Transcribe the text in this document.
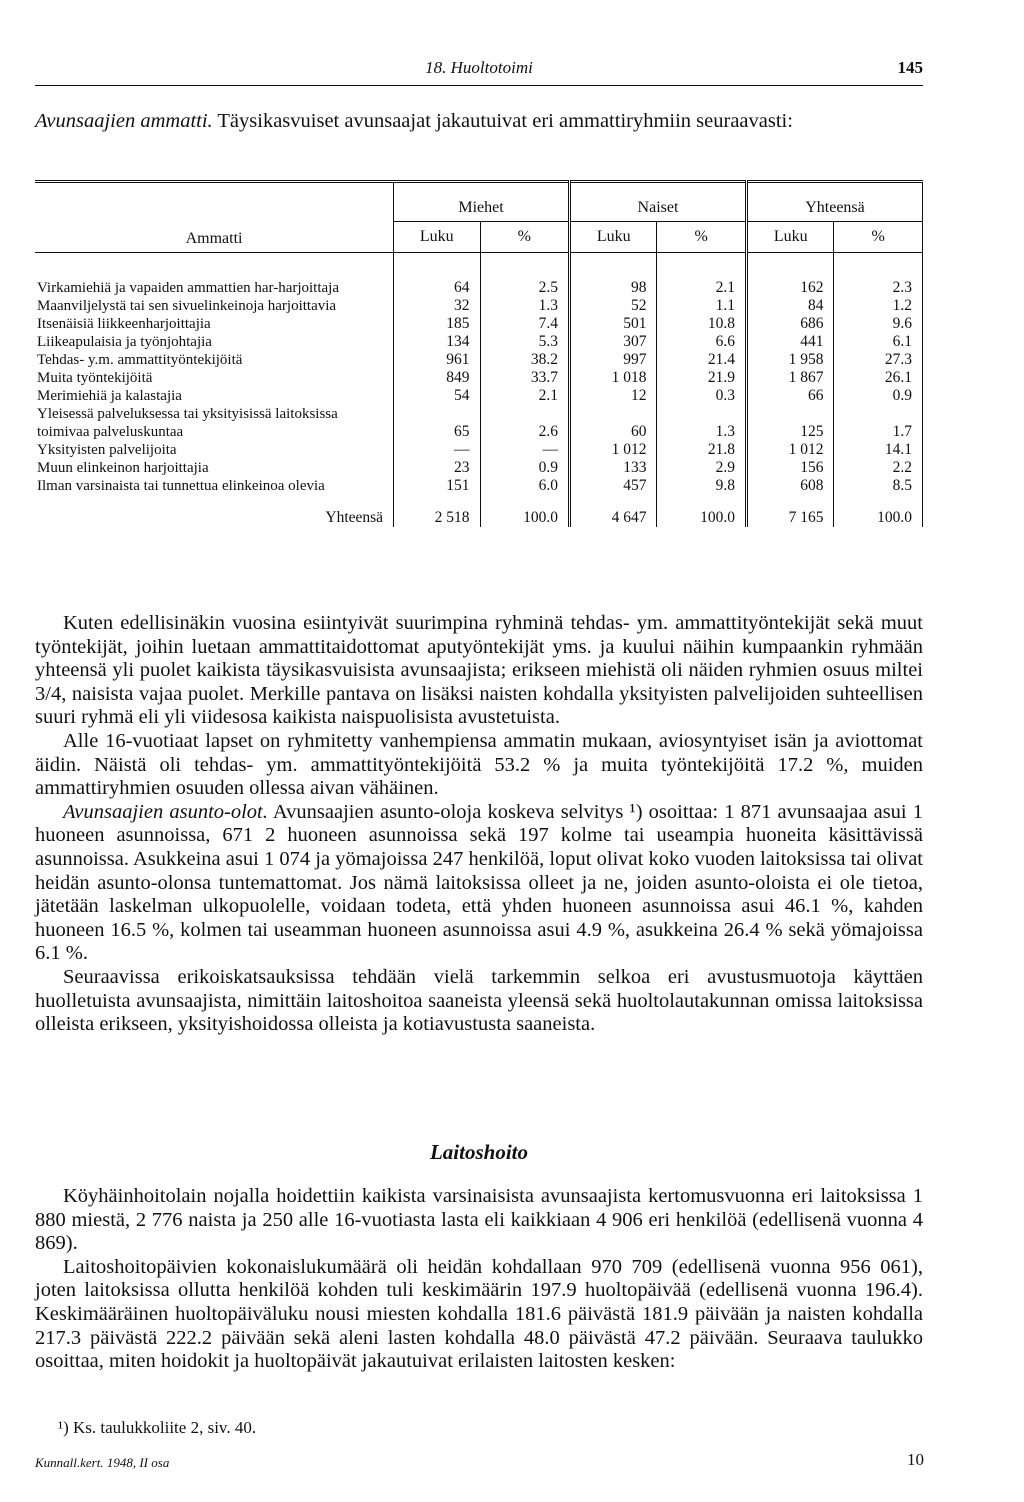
18. Huoltotoimi	145
Avunsaajien ammatti. Täysikasvuiset avunsaajat jakautuivat eri ammattiryhmiin seuraavasti:
Ammatti	Miehet		Naiset		Yhteensä	
	Luku	%	Luku	%	Luku	%

Virkamiehiä ja vapaiden ammattien har-harjoittaja	64	2.5	98	2.1	162	2.3
Maanviljelystä tai sen sivuelinkeinoja harjoittavia	32	1.3	52	1.1	84	1.2
Itsenäisiä liikkeenharjoittajia	185	7.4	501	10.8	686	9.6
Liikeapulaisia ja työnjohtajia	134	5.3	307	6.6	441	6.1
Tehdas- y.m. ammattityöntekijöitä	961	38.2	997	21.4	1 958	27.3
Muita työntekijöitä	849	33.7	1 018	21.9	1 867	26.1
Merimiehiä ja kalastajia	54	2.1	12	0.3	66	0.9
Yleisessä palveluksessa tai yksityisissä laitoksissa toimivaa palveluskuntaa	65	2.6	60	1.3	125	1.7
Yksityisten palvelijoita	—	—	1 012	21.8	1 012	14.1
Muun elinkeinon harjoittajia	23	0.9	133	2.9	156	2.2
Ilman varsinaista tai tunnettua elinkeinoa olevia	151	6.0	457	9.8	608	8.5
Yhteensä	2 518	100.0	4 647	100.0	7 165	100.0

Kuten edellisinäkin vuosina esiintyivät suurimpina ryhminä tehdas- ym. ammattityöntekijät sekä muut työntekijät, joihin luetaan ammattitaidottomat aputyöntekijät yms. ja kuului näihin kumpaankin ryhmään yhteensä yli puolet kaikista täysikasvuisista avunsaajista; erikseen miehistä oli näiden ryhmien osuus miltei 3/4, naisista vajaa puolet. Merkille pantava on lisäksi naisten kohdalla yksityisten palvelijoiden suhteellisen suuri ryhmä eli yli viidesosa kaikista naispuolisista avustetuista.

Alle 16-vuotiaat lapset on ryhmitetty vanhempiensa ammatin mukaan, aviosyntyiset isän ja aviottomat äidin. Näistä oli tehdas- ym. ammattityöntekijöitä 53.2 % ja muita työntekijöitä 17.2 %, muiden ammattiryhmien osuuden ollessa aivan vähäinen.

Avunsaajien asunto-olot. Avunsaajien asunto-oloja koskeva selvitys ¹) osoittaa: 1 871 avunsaajaa asui 1 huoneen asunnoissa, 671 2 huoneen asunnoissa sekä 197 kolme tai useampia huoneita käsittävissä asunnoissa. Asukkeina asui 1 074 ja yömajoissa 247 henkilöä, loput olivat koko vuoden laitoksissa tai olivat heidän asunto-olonsa tuntemattomat. Jos nämä laitoksissa olleet ja ne, joiden asunto-oloista ei ole tietoa, jätetään laskelman ulkopuolelle, voidaan todeta, että yhden huoneen asunnoissa asui 46.1 %, kahden huoneen 16.5 %, kolmen tai useamman huoneen asunnoissa asui 4.9 %, asukkeina 26.4 % sekä yömajoissa 6.1 %.

Seuraavissa erikoiskatsauksissa tehdään vielä tarkemmin selkoa eri avustusmuotoja käyttäen huolletuista avunsaajista, nimittäin laitoshoitoa saaneista yleensä sekä huoltolautakunnan omissa laitoksissa olleista erikseen, yksityishoidossa olleista ja kotiavustusta saaneista.

Laitoshoito

Köyhäinhoitolain nojalla hoidettiin kaikista varsinaisista avunsaajista kertomusvuonna eri laitoksissa 1 880 miestä, 2 776 naista ja 250 alle 16-vuotiasta lasta eli kaikkiaan 4 906 eri henkilöä (edellisenä vuonna 4 869).

Laitoshoitopäivien kokonaislukumäärä oli heidän kohdallaan 970 709 (edellisenä vuonna 956 061), joten laitoksissa ollutta henkilöä kohden tuli keskimäärin 197.9 huoltopäivää (edellisenä vuonna 196.4). Keskimääräinen huoltopäiväluku nousi miesten kohdalla 181.6 päivästä 181.9 päivään ja naisten kohdalla 217.3 päivästä 222.2 päivään sekä aleni lasten kohdalla 48.0 päivästä 47.2 päivään. Seuraava taulukko osoittaa, miten hoidokit ja huoltopäivät jakautuivat erilaisten laitosten kesken:

¹) Ks. taulukkoliite 2, siv. 40.
Kunnall.kert. 1948, II osa	10
